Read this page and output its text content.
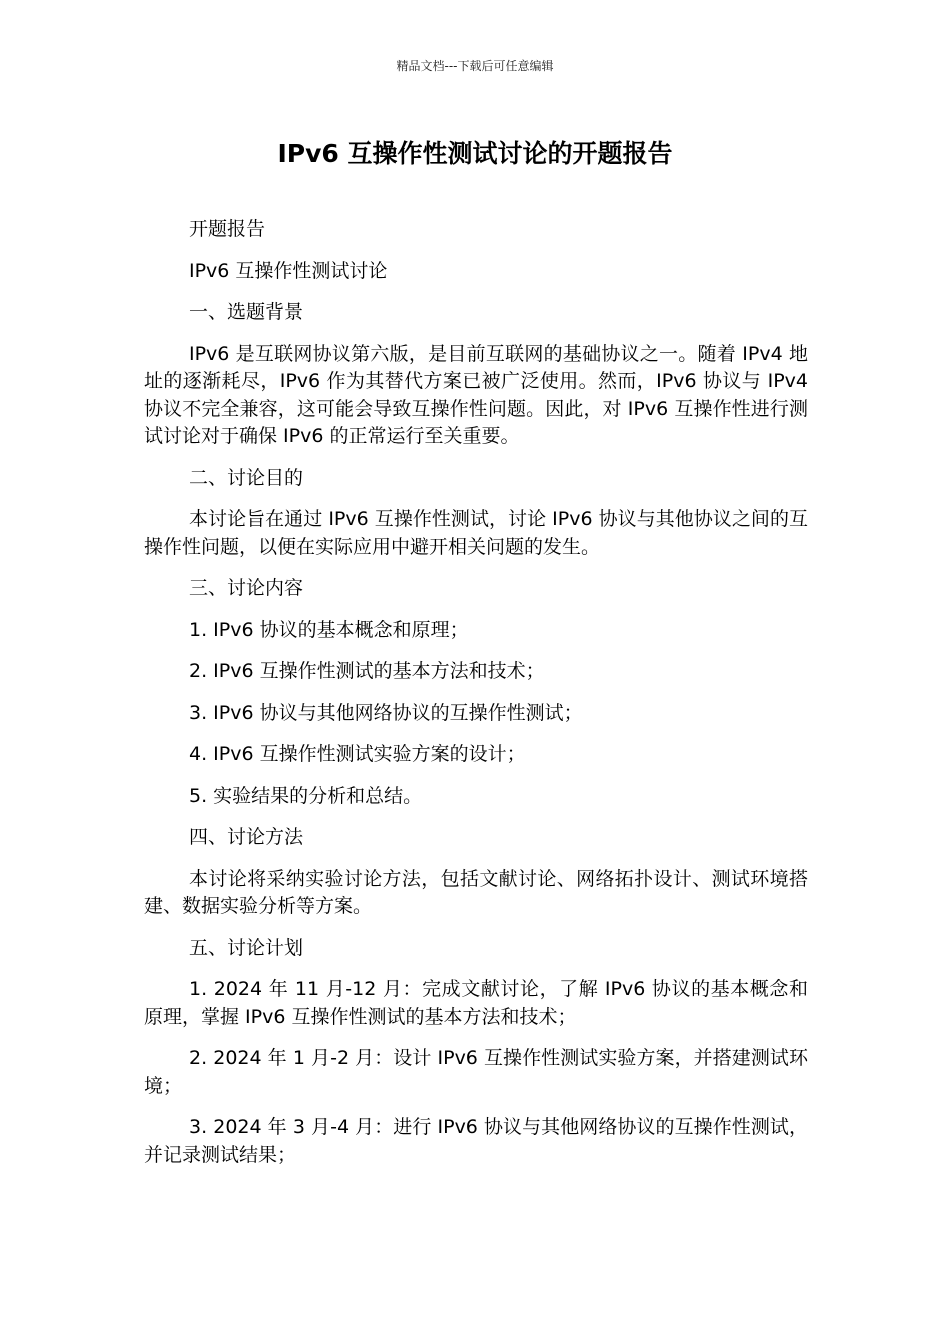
精品文档---下载后可任意编辑
IPv6 互操作性测试讨论的开题报告

开题报告

IPv6 互操作性测试讨论

一、选题背景

IPv6 是互联网协议第六版，是目前互联网的基础协议之一。随着 IPv4 地址的逐渐耗尽，IPv6 作为其替代方案已被广泛使用。然而，IPv6 协议与 IPv4 协议不完全兼容，这可能会导致互操作性问题。因此，对 IPv6 互操作性进行测试讨论对于确保 IPv6 的正常运行至关重要。

二、讨论目的

本讨论旨在通过 IPv6 互操作性测试，讨论 IPv6 协议与其他协议之间的互操作性问题，以便在实际应用中避开相关问题的发生。

三、讨论内容

1. IPv6 协议的基本概念和原理；

2. IPv6 互操作性测试的基本方法和技术；

3. IPv6 协议与其他网络协议的互操作性测试；

4. IPv6 互操作性测试实验方案的设计；

5. 实验结果的分析和总结。

四、讨论方法

本讨论将采纳实验讨论方法，包括文献讨论、网络拓扑设计、测试环境搭建、数据实验分析等方案。

五、讨论计划

1. 2024 年 11 月-12 月：完成文献讨论，了解 IPv6 协议的基本概念和原理，掌握 IPv6 互操作性测试的基本方法和技术；

2. 2024 年 1 月-2 月：设计 IPv6 互操作性测试实验方案，并搭建测试环境；

3. 2024 年 3 月-4 月：进行 IPv6 协议与其他网络协议的互操作性测试，并记录测试结果；
